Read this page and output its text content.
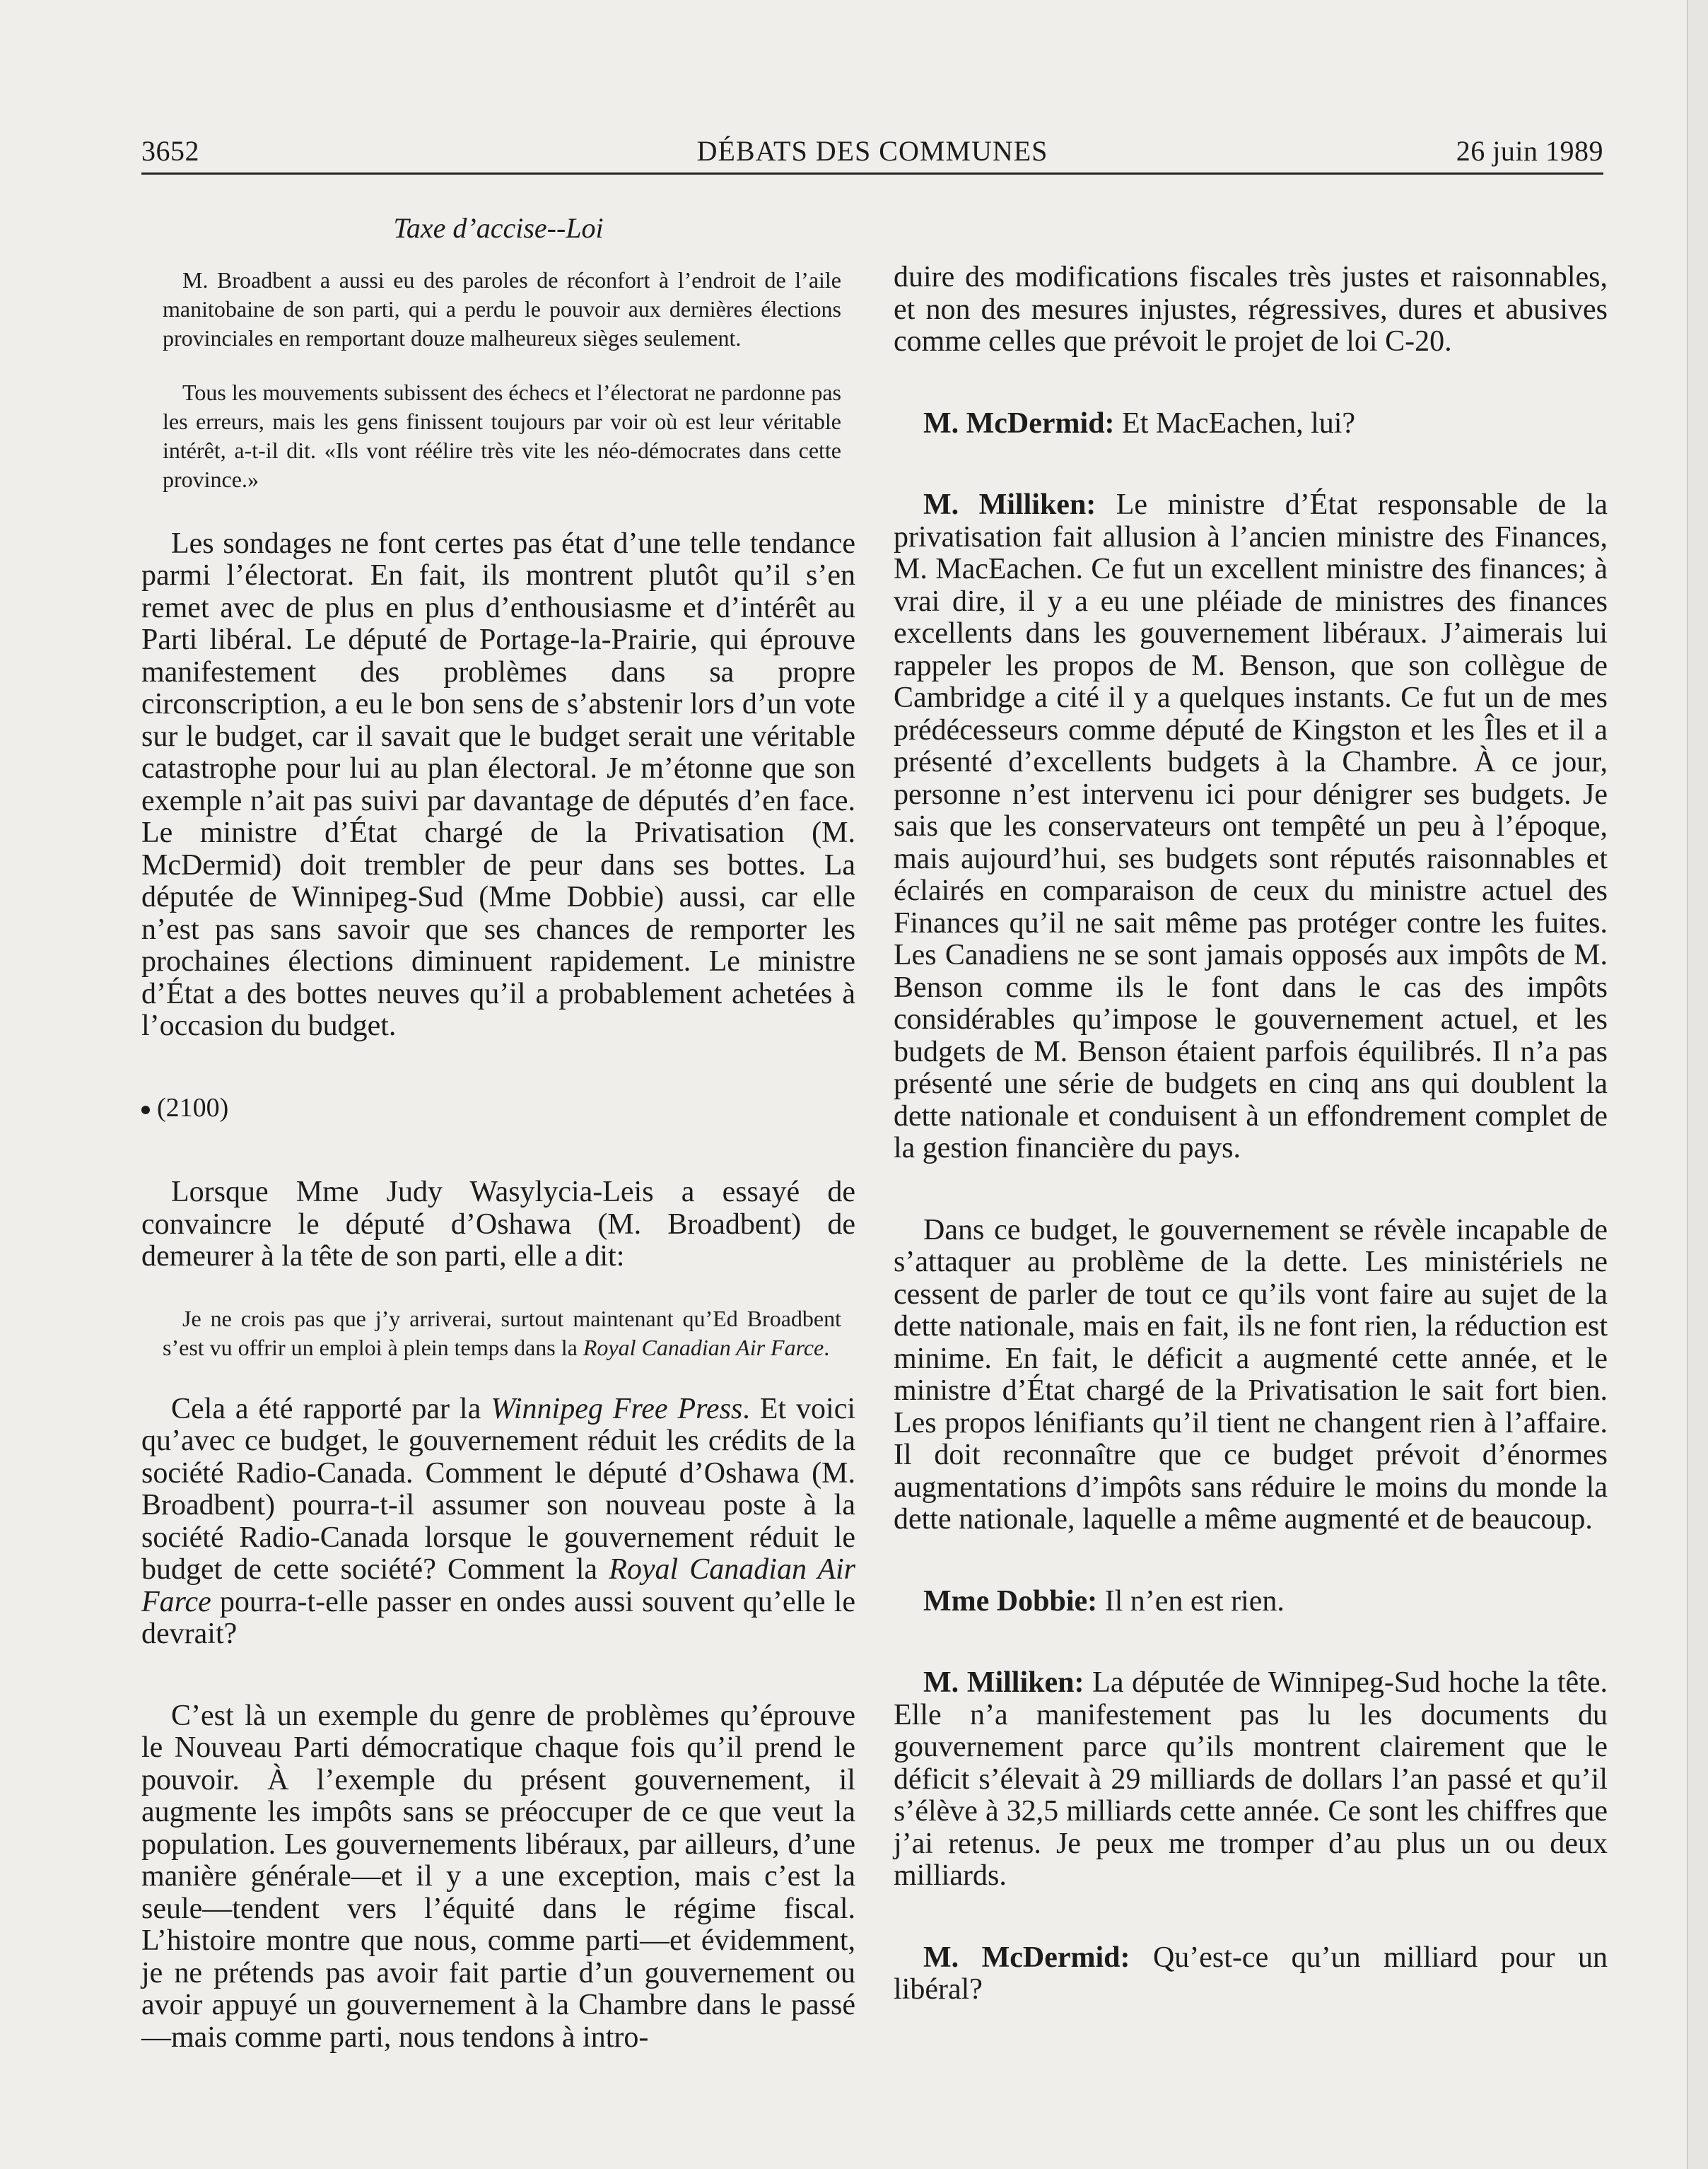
3652	DÉBATS DES COMMUNES	26 juin 1989
Taxe d’accise--Loi

M. Broadbent a aussi eu des paroles de réconfort à l’endroit de l’aile manitobaine de son parti, qui a perdu le pouvoir aux dernières élections provinciales en remportant douze malheureux sièges seulement.

Tous les mouvements subissent des échecs et l’électorat ne pardonne pas les erreurs, mais les gens finissent toujours par voir où est leur véritable intérêt, a-t-il dit. «Ils vont réélire très vite les néo-démocrates dans cette province.»

Les sondages ne font certes pas état d’une telle tendance parmi l’électorat. En fait, ils montrent plutôt qu’il s’en remet avec de plus en plus d’enthousiasme et d’intérêt au Parti libéral. Le député de Portage-la-Prairie, qui éprouve manifestement des problèmes dans sa propre circonscription, a eu le bon sens de s’abstenir lors d’un vote sur le budget, car il savait que le budget serait une véritable catastrophe pour lui au plan électoral. Je m’étonne que son exemple n’ait pas suivi par davantage de députés d’en face. Le ministre d’État chargé de la Privatisation (M. McDermid) doit trembler de peur dans ses bottes. La députée de Winnipeg-Sud (Mme Dobbie) aussi, car elle n’est pas sans savoir que ses chances de remporter les prochaines élections diminuent rapidement. Le ministre d’État a des bottes neuves qu’il a probablement achetées à l’occasion du budget.

(2100)

Lorsque Mme Judy Wasylycia-Leis a essayé de convaincre le député d’Oshawa (M. Broadbent) de demeurer à la tête de son parti, elle a dit:

Je ne crois pas que j’y arriverai, surtout maintenant qu’Ed Broadbent s’est vu offrir un emploi à plein temps dans la Royal Canadian Air Farce.

Cela a été rapporté par la Winnipeg Free Press. Et voici qu’avec ce budget, le gouvernement réduit les crédits de la société Radio-Canada. Comment le député d’Oshawa (M. Broadbent) pourra-t-il assumer son nouveau poste à la société Radio-Canada lorsque le gouvernement réduit le budget de cette société? Comment la Royal Canadian Air Farce pourra-t-elle passer en ondes aussi souvent qu’elle le devrait?

C’est là un exemple du genre de problèmes qu’éprouve le Nouveau Parti démocratique chaque fois qu’il prend le pouvoir. À l’exemple du présent gouvernement, il augmente les impôts sans se préoccuper de ce que veut la population. Les gouvernements libéraux, par ailleurs, d’une manière générale—et il y a une exception, mais c’est la seule—tendent vers l’équité dans le régime fiscal. L’histoire montre que nous, comme parti—et évidemment, je ne prétends pas avoir fait partie d’un gouvernement ou avoir appuyé un gouvernement à la Chambre dans le passé—mais comme parti, nous tendons à intro-

duire des modifications fiscales très justes et raisonnables, et non des mesures injustes, régressives, dures et abusives comme celles que prévoit le projet de loi C-20.

M. McDermid: Et MacEachen, lui?

M. Milliken: Le ministre d’État responsable de la privatisation fait allusion à l’ancien ministre des Finances, M. MacEachen. Ce fut un excellent ministre des finances; à vrai dire, il y a eu une pléiade de ministres des finances excellents dans les gouvernement libéraux. J’aimerais lui rappeler les propos de M. Benson, que son collègue de Cambridge a cité il y a quelques instants. Ce fut un de mes prédécesseurs comme député de Kingston et les Îles et il a présenté d’excellents budgets à la Chambre. À ce jour, personne n’est intervenu ici pour dénigrer ses budgets. Je sais que les conservateurs ont tempêté un peu à l’époque, mais aujourd’hui, ses budgets sont réputés raisonnables et éclairés en comparaison de ceux du ministre actuel des Finances qu’il ne sait même pas protéger contre les fuites. Les Canadiens ne se sont jamais opposés aux impôts de M. Benson comme ils le font dans le cas des impôts considérables qu’impose le gouvernement actuel, et les budgets de M. Benson étaient parfois équilibrés. Il n’a pas présenté une série de budgets en cinq ans qui doublent la dette nationale et conduisent à un effondrement complet de la gestion financière du pays.

Dans ce budget, le gouvernement se révèle incapable de s’attaquer au problème de la dette. Les ministériels ne cessent de parler de tout ce qu’ils vont faire au sujet de la dette nationale, mais en fait, ils ne font rien, la réduction est minime. En fait, le déficit a augmenté cette année, et le ministre d’État chargé de la Privatisation le sait fort bien. Les propos lénifiants qu’il tient ne changent rien à l’affaire. Il doit reconnaître que ce budget prévoit d’énormes augmentations d’impôts sans réduire le moins du monde la dette nationale, laquelle a même augmenté et de beaucoup.

Mme Dobbie: Il n’en est rien.

M. Milliken: La députée de Winnipeg-Sud hoche la tête. Elle n’a manifestement pas lu les documents du gouvernement parce qu’ils montrent clairement que le déficit s’élevait à 29 milliards de dollars l’an passé et qu’il s’élève à 32,5 milliards cette année. Ce sont les chiffres que j’ai retenus. Je peux me tromper d’au plus un ou deux milliards.

M. McDermid: Qu’est-ce qu’un milliard pour un libéral?
